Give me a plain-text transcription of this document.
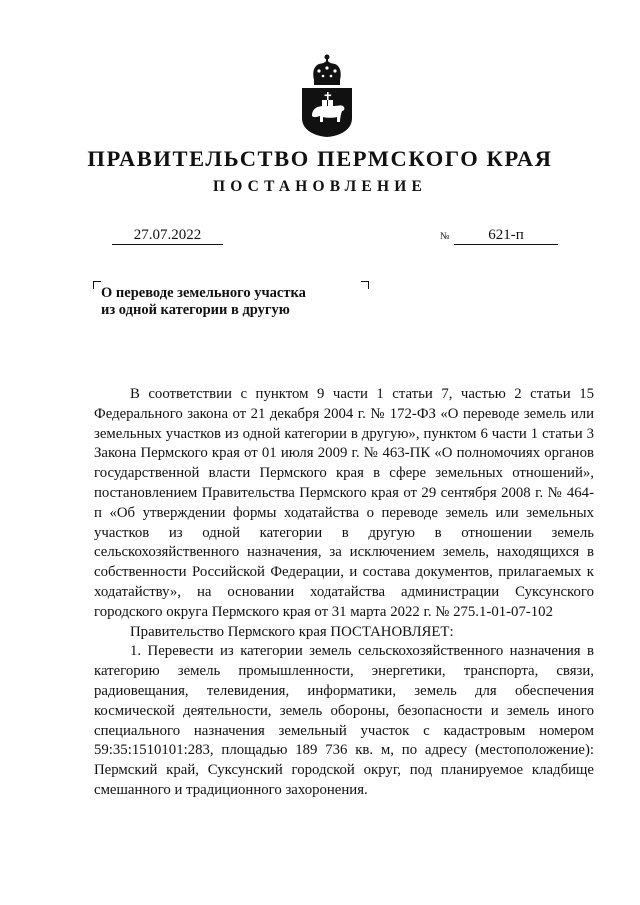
ПРАВИТЕЛЬСТВО ПЕРМСКОГО КРАЯ
ПОСТАНОВЛЕНИЕ
27.07.2022	№	621-п
О переводе земельного участка
из одной категории в другую

В соответствии с пунктом 9 части 1 статьи 7, частью 2 статьи 15 Федерального закона от 21 декабря 2004 г. № 172-ФЗ «О переводе земель или земельных участков из одной категории в другую», пунктом 6 части 1 статьи 3 Закона Пермского края от 01 июля 2009 г. № 463-ПК «О полномочиях органов государственной власти Пермского края в сфере земельных отношений», постановлением Правительства Пермского края от 29 сентября 2008 г. № 464-п «Об утверждении формы ходатайства о переводе земель или земельных участков из одной категории в другую в отношении земель сельскохозяйственного назначения, за исключением земель, находящихся в собственности Российской Федерации, и состава документов, прилагаемых к ходатайству», на основании ходатайства администрации Суксунского городского округа Пермского края от 31 марта 2022 г. № 275.1-01-07-102

Правительство Пермского края ПОСТАНОВЛЯЕТ:

1. Перевести из категории земель сельскохозяйственного назначения в категорию земель промышленности, энергетики, транспорта, связи, радиовещания, телевидения, информатики, земель для обеспечения космической деятельности, земель обороны, безопасности и земель иного специального назначения земельный участок с кадастровым номером 59:35:1510101:283, площадью 189 736 кв. м, по адресу (местоположение): Пермский край, Суксунский городской округ, под планируемое кладбище смешанного и традиционного захоронения.
